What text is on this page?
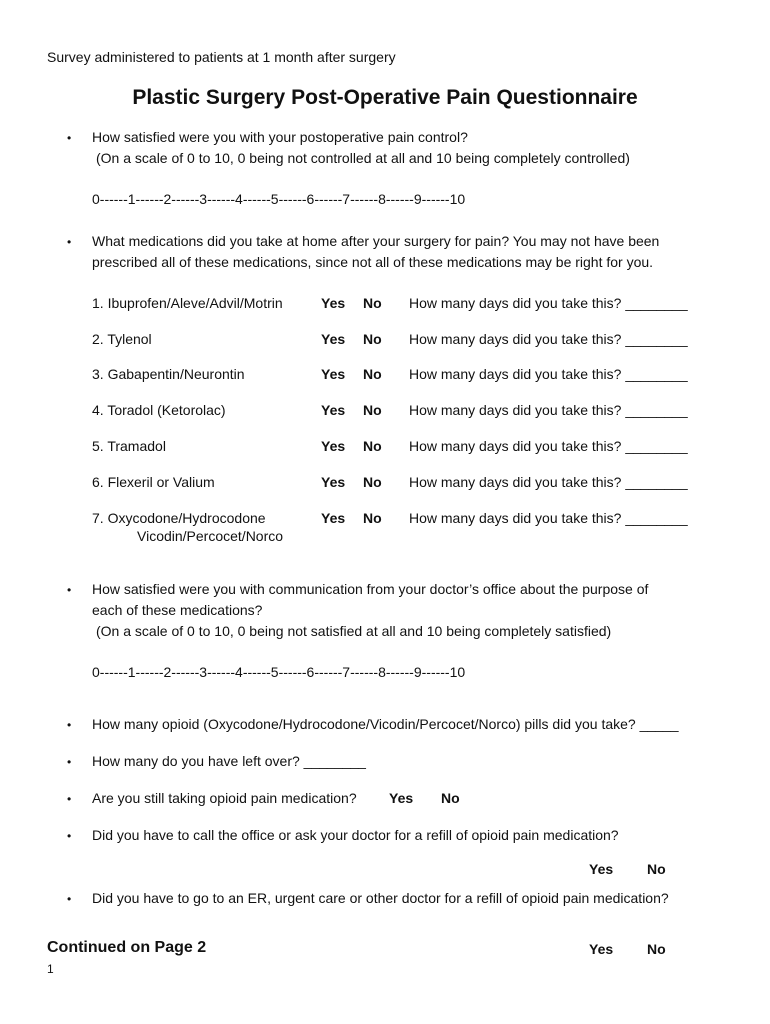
Survey administered to patients at 1 month after surgery
Plastic Surgery Post-Operative Pain Questionnaire
• How satisfied were you with your postoperative pain control?
(On a scale of 0 to 10, 0 being not controlled at all and 10 being completely controlled)
0------1------2------3------4------5------6------7------8------9------10
• What medications did you take at home after your surgery for pain? You may not have been
prescribed all of these medications, since not all of these medications may be right for you.
1. Ibuprofen/Aleve/Advil/Motrin	Yes No How many days did you take this? ________
2. Tylenol	Yes No How many days did you take this? ________
3. Gabapentin/Neurontin	Yes No How many days did you take this? ________
4. Toradol (Ketorolac)	Yes No How many days did you take this? ________
5. Tramadol	Yes No How many days did you take this? ________
6. Flexeril or Valium	Yes No How many days did you take this? ________
7. Oxycodone/Hydrocodone	Yes No How many days did you take this? ________
Vicodin/Percocet/Norco
• How satisfied were you with communication from your doctor’s office about the purpose of
each of these medications?
(On a scale of 0 to 10, 0 being not satisfied at all and 10 being completely satisfied)
0------1------2------3------4------5------6------7------8------9------10
• How many opioid (Oxycodone/Hydrocodone/Vicodin/Percocet/Norco) pills did you take? _____
• How many do you have left over? ________
• Are you still taking opioid pain medication? Yes No
• Did you have to call the office or ask your doctor for a refill of opioid pain medication?
Yes No
• Did you have to go to an ER, urgent care or other doctor for a refill of opioid pain medication?
Yes No
Continued on Page 2
1
